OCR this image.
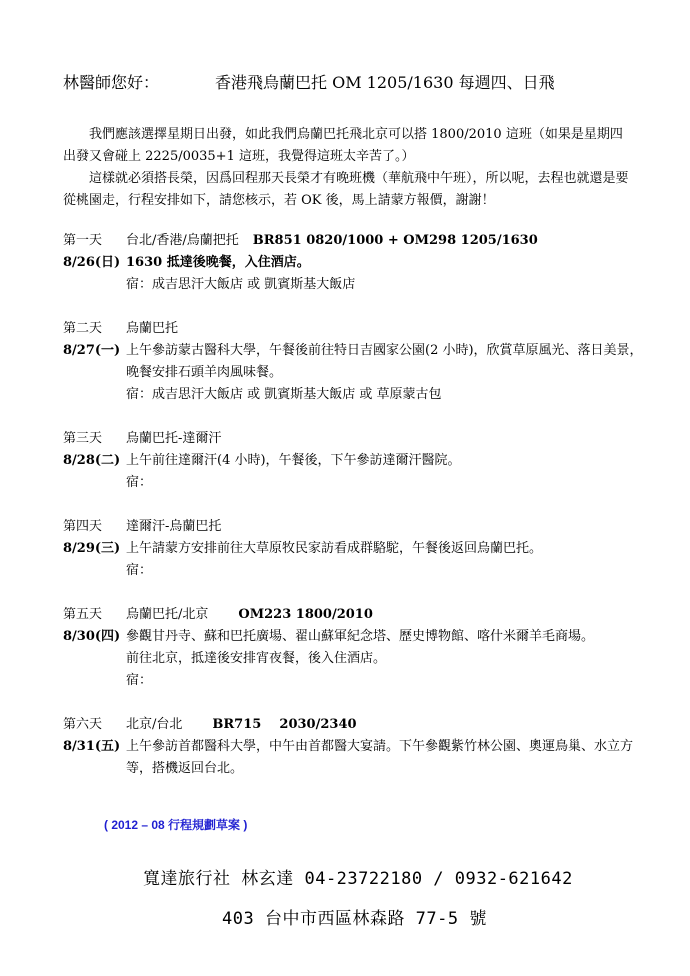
林醫師您好：	香港飛烏蘭巴托 OM 1205/1630 每週四、日飛

我們應該選擇星期日出發，如此我們烏蘭巴托飛北京可以搭 1800/2010 這班（如果是星期四出發又會碰上 2225/0035+1 這班，我覺得這班太辛苦了。）

這樣就必須搭長榮，因爲回程那天長榮才有晚班機（華航飛中午班），所以呢，去程也就還是要從桃園走，行程安排如下，請您核示，若 OK 後，馬上請蒙方報價，謝謝！

第一天	台北/香港/烏蘭把托 BR851 0820/1000 + OM298 1205/1630
8/26(日) 1630 抵達後晚餐，入住酒店。
宿：成吉思汗大飯店 或 凱賓斯基大飯店
第二天	烏蘭巴托
8/27(一) 上午參訪蒙古醫科大學，午餐後前往特日吉國家公園(2 小時)，欣賞草原風光、落日美景，晚餐安排石頭羊肉風味餐。
宿：成吉思汗大飯店 或 凱賓斯基大飯店 或 草原蒙古包
第三天	烏蘭巴托-達爾汗
8/28(二) 上午前往達爾汗(4 小時)，午餐後，下午參訪達爾汗醫院。
宿：
第四天	達爾汗-烏蘭巴托
8/29(三) 上午請蒙方安排前往大草原牧民家訪看成群駱駝，午餐後返回烏蘭巴托。
宿：
第五天	烏蘭巴托/北京 OM223 1800/2010
8/30(四) 參觀甘丹寺、蘇和巴托廣場、翟山蘇軍紀念塔、歷史博物館、喀什米爾羊毛商場。
前往北京，抵達後安排宵夜餐，後入住酒店。
宿：
第六天	北京/台北 BR715    2030/2340
8/31(五) 上午參訪首都醫科大學，中午由首都醫大宴請。下午參觀紫竹林公園、奧運鳥巢、水立方等，搭機返回台北。
( 2012 – 08 行程規劃草案 )
寬達旅行社 林玄達 04-23722180 / 0932-621642
403 台中市西區林森路 77-5 號
